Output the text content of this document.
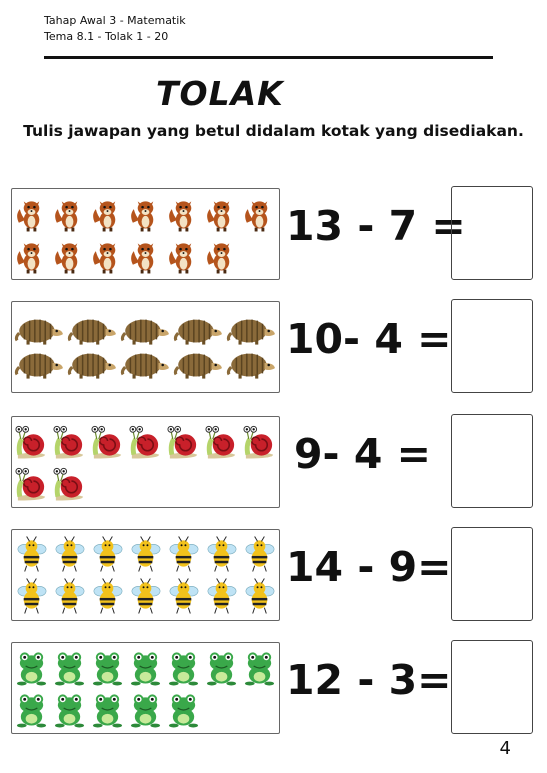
Tahap Awal 3 - Matematik
Tema 8.1 - Tolak 1 - 20
TOLAK
Tulis jawapan yang betul didalam kotak yang disediakan.
13 - 7 =
10- 4 =
9- 4 =
14 - 9=
12 - 3=
4
